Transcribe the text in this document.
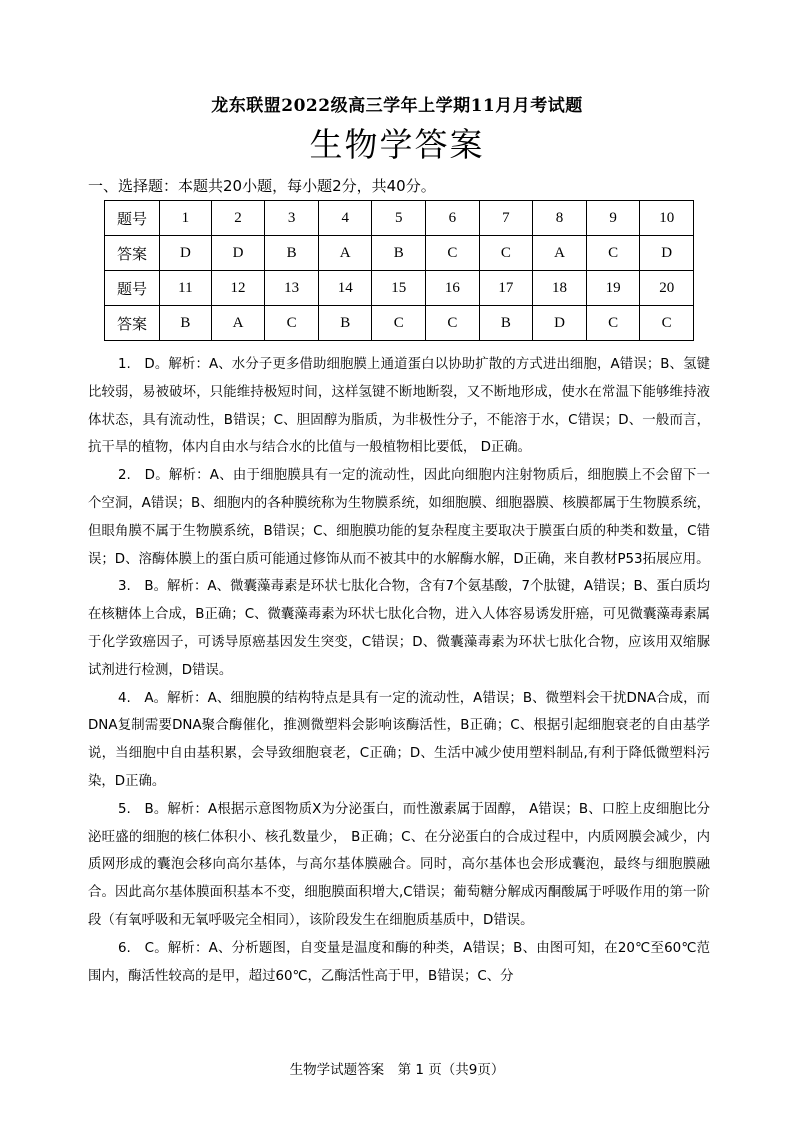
龙东联盟2022级高三学年上学期11月月考试题
生物学答案
一、选择题：本题共20小题，每小题2分，共40分。
题号	1	2	3	4	5	6	7	8	9	10
答案	D	D	B	A	B	C	C	A	C	D
题号	11	12	13	14	15	16	17	18	19	20
答案	B	A	C	B	C	C	B	D	C	C

1.　D。解析：A、水分子更多借助细胞膜上通道蛋白以协助扩散的方式进出细胞，A错误；B、氢键比较弱，易被破坏，只能维持极短时间，这样氢键不断地断裂，又不断地形成，使水在常温下能够维持液体状态，具有流动性，B错误；C、胆固醇为脂质，为非极性分子，不能溶于水，C错误；D、一般而言，抗干旱的植物，体内自由水与结合水的比值与一般植物相比要低， D正确。

2.　D。解析：A、由于细胞膜具有一定的流动性，因此向细胞内注射物质后，细胞膜上不会留下一个空洞，A错误；B、细胞内的各种膜统称为生物膜系统，如细胞膜、细胞器膜、核膜都属于生物膜系统，但眼角膜不属于生物膜系统，B错误；C、细胞膜功能的复杂程度主要取决于膜蛋白质的种类和数量，C错误；D、溶酶体膜上的蛋白质可能通过修饰从而不被其中的水解酶水解，D正确，来自教材P53拓展应用。

3.　B。解析：A、微囊藻毒素是环状七肽化合物，含有7个氨基酸，7个肽键，A错误；B、蛋白质均在核糖体上合成，B正确；C、微囊藻毒素为环状七肽化合物，进入人体容易诱发肝癌，可见微囊藻毒素属于化学致癌因子，可诱导原癌基因发生突变，C错误；D、微囊藻毒素为环状七肽化合物，应该用双缩脲试剂进行检测，D错误。

4.　A。解析：A、细胞膜的结构特点是具有一定的流动性，A错误；B、微塑料会干扰DNA合成，而DNA复制需要DNA聚合酶催化，推测微塑料会影响该酶活性，B正确；C、根据引起细胞衰老的自由基学说，当细胞中自由基积累，会导致细胞衰老，C正确；D、生活中减少使用塑料制品,有利于降低微塑料污染，D正确。

5.　B。解析：A根据示意图物质X为分泌蛋白，而性激素属于固醇， A错误；B、口腔上皮细胞比分泌旺盛的细胞的核仁体积小、核孔数量少， B正确；C、在分泌蛋白的合成过程中，内质网膜会减少，内质网形成的囊泡会移向高尔基体，与高尔基体膜融合。同时，高尔基体也会形成囊泡，最终与细胞膜融合。因此高尔基体膜面积基本不变，细胞膜面积增大,C错误；葡萄糖分解成丙酮酸属于呼吸作用的第一阶段（有氧呼吸和无氧呼吸完全相同），该阶段发生在细胞质基质中，D错误。

6.　C。解析：A、分析题图，自变量是温度和酶的种类，A错误；B、由图可知，在20℃至60℃范围内，酶活性较高的是甲，超过60℃，乙酶活性高于甲，B错误；C、分

生物学试题答案　第 1 页（共9页）
